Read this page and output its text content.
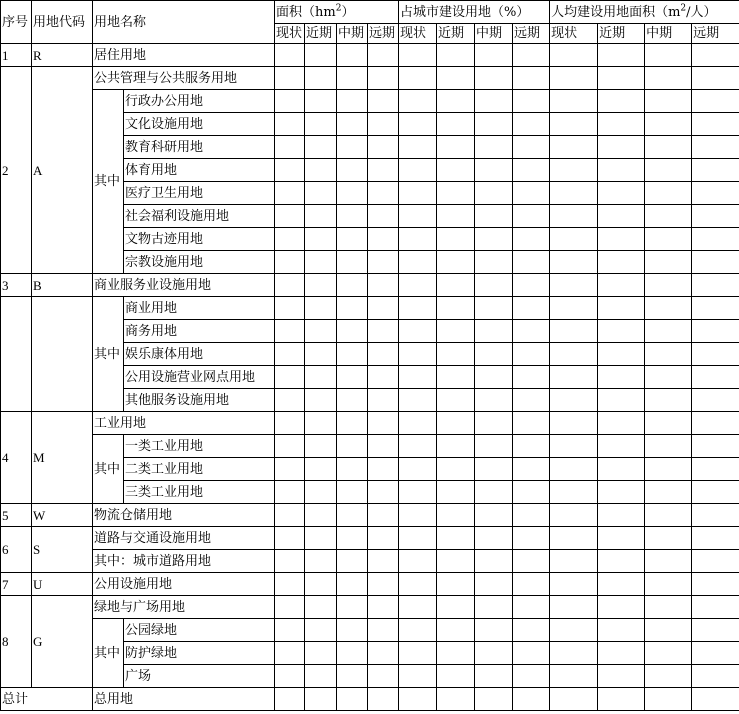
序号	用地代码	用地名称		面积$(hm^2)$				占城市建设用地（%）				人均建设用地面积（$m^2/$人）			
				现状	近期	中期	远期	现状	近期	中期	远期	现状	近期	中期	远期
1	R	居住用地													
2	A	公共管理与公共服务用地													
		其中	行政办公用地												
			文化设施用地												
			教育科研用地												
			体育用地												
			医疗卫生用地												
			社会福利设施用地												
			文物古迹用地												
			宗教设施用地												
3	B	商业服务业设施用地													
		其中	商业用地												
			商务用地												
			娱乐康体用地												
			公用设施营业网点用地												
			其他服务设施用地												
4	M	工业用地													
		其中	一类工业用地												
			二类工业用地												
			三类工业用地												
5	W	物流仓储用地													
6	S	道路与交通设施用地													
		其中：城市道路用地													
7	U	公用设施用地													
8	G	绿地与广场用地													
		其中	公园绿地												
			防护绿地												
			广场												
总计		总用地													
